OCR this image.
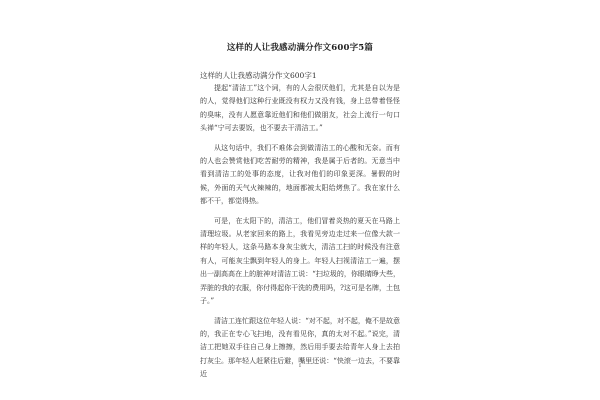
这样的人让我感动满分作文600字5篇
这样的人让我感动满分作文600字1

提起“清洁工”这个词，有的人会很厌他们，尤其是自以为是的人，觉得他们这种行业既没有权力又没有钱，身上总带着怪怪的臭味，没有人愿意靠近他们和他们做朋友，社会上流行一句口头禅“宁可去要饭，也不要去干清洁工。”

从这句话中，我们不难体会到做清洁工的心酸和无奈。而有的人也会赞赏他们吃苦耐劳的精神，我是属于后者的。无意当中看到清洁工的处事的态度，让我对他们的印象更深。暑假的时候，外面的天气火辣辣的，地面都被太阳给烤焦了。我在家什么都不干，都觉得热。

可是，在太阳下的，清洁工，他们冒着炎热的夏天在马路上清理垃圾。从老家回来的路上，我看见旁边走过来一位像大款一样的年轻人，这条马路本身灰尘就大，清洁工扫的时候没有注意有人，可能灰尘飘到年轻人的身上。年轻人扫视清洁工一遍，摆出一副高高在上的脏神对清洁工说：“扫垃圾的，你眼睛睁大些，弄脏的我的衣服，你付得起你干洗的费用吗，?这可是名牌，土包子。”

清洁工连忙跟这位年轻人说：“对不起，对不起，俺不是故意的，我正在专心飞扫地，没有看见你，真的太对不起。”说完，清洁工把她双手往自己身上擦擦，然后用手要去给青年人身上去拍打灰尘。那年轻人赶紧往后避，嘴里还说：“快滚一边去，不要靠近

1
